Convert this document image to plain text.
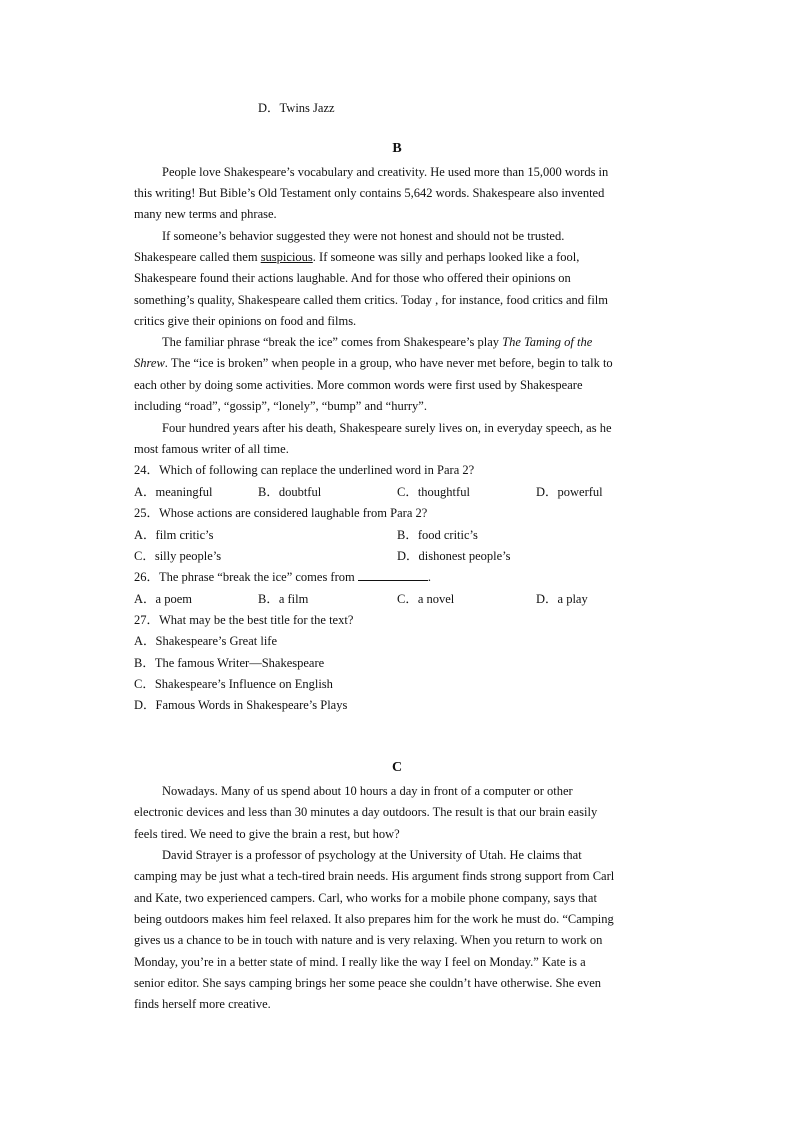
D．Twins Jazz
B
People love Shakespeare’s vocabulary and creativity. He used more than 15,000 words in
this writing! But Bible’s Old Testament only contains 5,642 words. Shakespeare also invented
many new terms and phrase.
If someone’s behavior suggested they were not honest and should not be trusted.
Shakespeare called them suspicious. If someone was silly and perhaps looked like a fool,
Shakespeare found their actions laughable. And for those who offered their opinions on
something’s quality, Shakespeare called them critics. Today , for instance, food critics and film
critics give their opinions on food and films.
The familiar phrase “break the ice” comes from Shakespeare’s play The Taming of the
Shrew. The “ice is broken” when people in a group, who have never met before, begin to talk to
each other by doing some activities. More common words were first used by Shakespeare
including “road”, “gossip”, “lonely”, “bump” and “hurry”.
Four hundred years after his death, Shakespeare surely lives on, in everyday speech, as he
most famous writer of all time.
24．Which of following can replace the underlined word in Para 2?
A．meaningful	B．doubtful	C．thoughtful	D．powerful
25．Whose actions are considered laughable from Para 2?
A．film critic’s	B．food critic’s
C．silly people’s	D．dishonest people’s
26．The phrase “break the ice” comes from	.
A．a poem	B．a film	C．a novel	D．a play
27．What may be the best title for the text?
A．Shakespeare’s Great life
B．The famous Writer—Shakespeare
C．Shakespeare’s Influence on English
D．Famous Words in Shakespeare’s Plays
C
Nowadays. Many of us spend about 10 hours a day in front of a computer or other
electronic devices and less than 30 minutes a day outdoors. The result is that our brain easily
feels tired. We need to give the brain a rest, but how?
David Strayer is a professor of psychology at the University of Utah. He claims that
camping may be just what a tech-tired brain needs. His argument finds strong support from Carl
and Kate, two experienced campers. Carl, who works for a mobile phone company, says that
being outdoors makes him feel relaxed. It also prepares him for the work he must do. “Camping
gives us a chance to be in touch with nature and is very relaxing. When you return to work on
Monday, you’re in a better state of mind. I really like the way I feel on Monday.” Kate is a
senior editor. She says camping brings her some peace she couldn’t have otherwise. She even
finds herself more creative.
